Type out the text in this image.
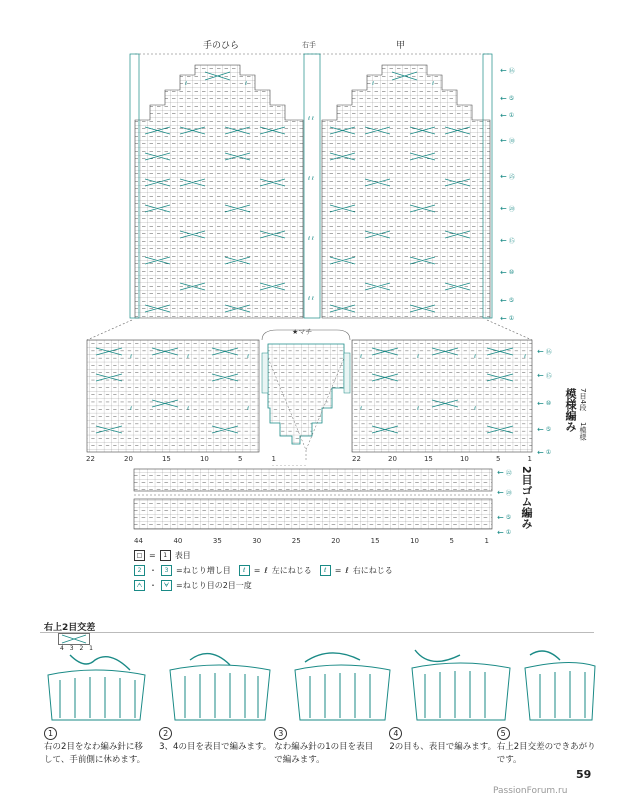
手のひら	右手	甲
ℓ	ℓ	ℓ	ℓ
ℓ ℓ
ℓ ℓ
ℓ ℓ
ℓ ℓ
← ⑯
← ⑤
← ①
← ㉚
← ㉕
← ⑳
← ⑮
← ⑩
← ⑤
← ①
★マチ
ℓ	ℓ	ℓ	ℓ	ℓ	ℓ	ℓ
ℓ	ℓ	ℓ	ℓ	ℓ	ℓ
22	20	15	10	5	1	22	20	15	10	5	1
← ⑯
← ⑮
← ⑩
← ⑤
← ①
模様編み 7目4段
1模様
← ㉒
← ⑳
← ⑤
← ①
2目ゴム編み
44	40	35	30	25	20	15	10	5	1
□ =	1 表目
2 ・	3 =ねじり増し目	ℓ	= ℓ 左にねじる	ℓ	= ℓ 右にねじる
ᗅ ・	ᗄ =ねじり目の2目一度
右上2目交差
4 3 2 1
1
右の2目をなわ編み針に移
して、手前側に休めます。
2
3、4の目を表目で編みます。

3
なわ編み針の1の目を表目
で編みます。
4
2の目も、表目で編みます。

5
右上2目交差のできあがり
です。
59
PassionForum.ru
